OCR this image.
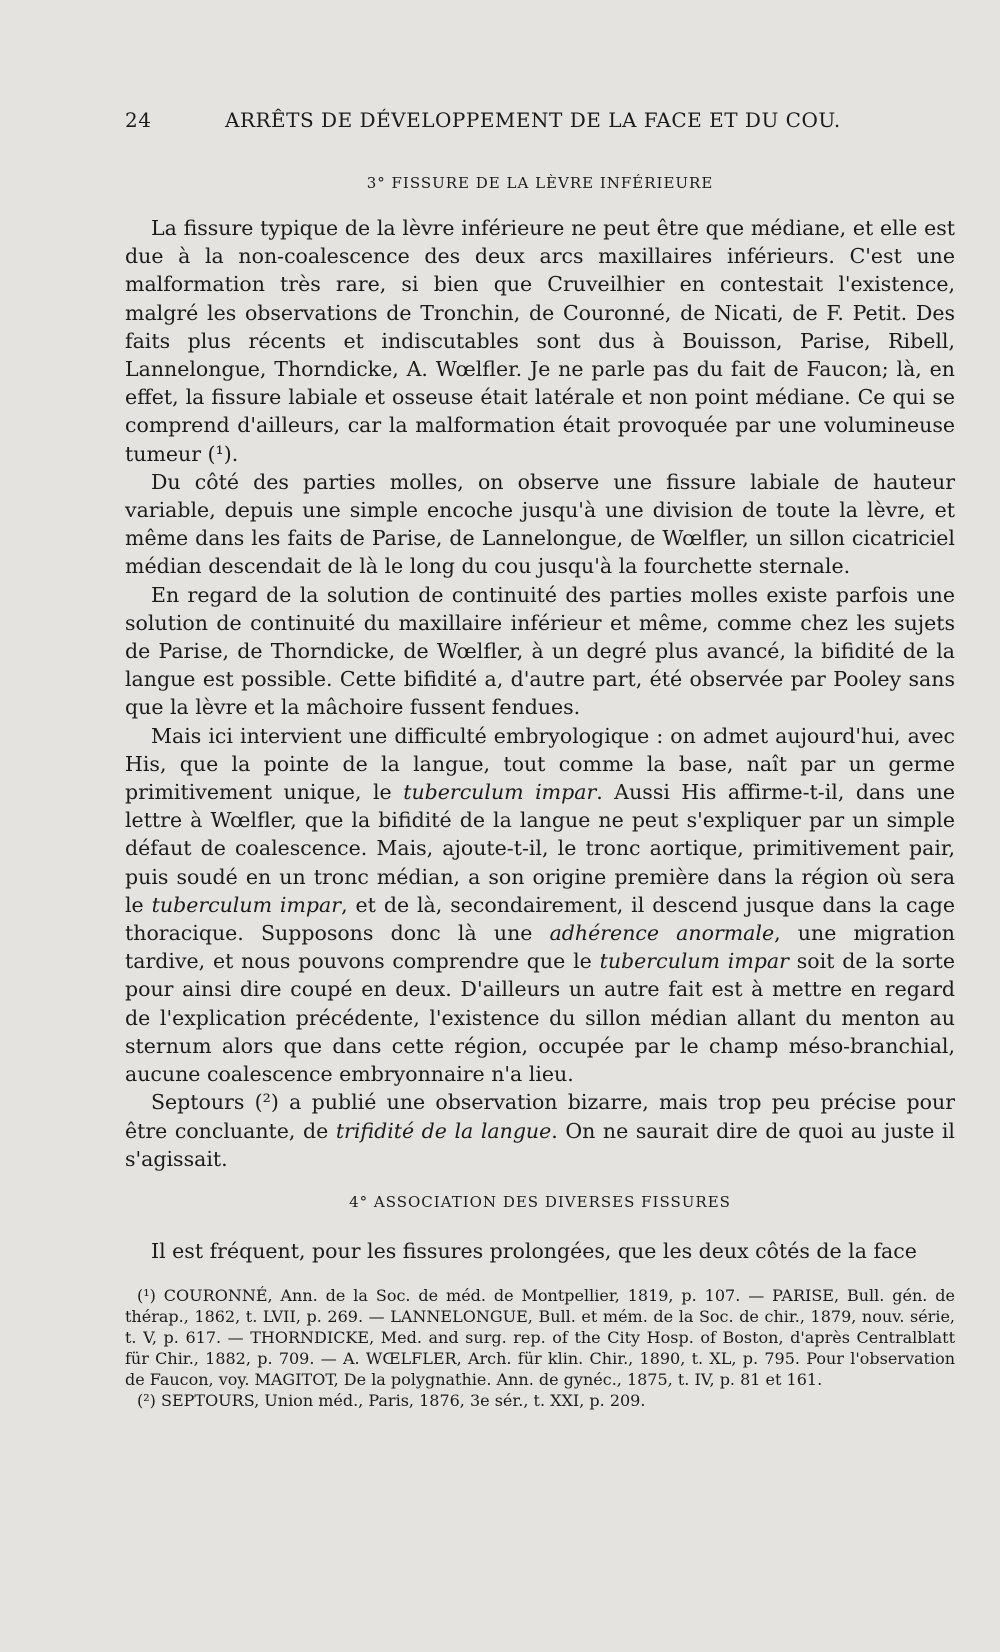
24	ARRÊTS DE DÉVELOPPEMENT DE LA FACE ET DU COU.
3° FISSURE DE LA LÈVRE INFÉRIEURE

La fissure typique de la lèvre inférieure ne peut être que médiane, et elle est due à la non-coalescence des deux arcs maxillaires inférieurs. C'est une malformation très rare, si bien que Cruveilhier en contestait l'existence, malgré les observations de Tronchin, de Couronné, de Nicati, de F. Petit. Des faits plus récents et indiscutables sont dus à Bouisson, Parise, Ribell, Lannelongue, Thorndicke, A. Wœlfler. Je ne parle pas du fait de Faucon; là, en effet, la fissure labiale et osseuse était latérale et non point médiane. Ce qui se comprend d'ailleurs, car la malformation était provoquée par une volumineuse tumeur (¹).

Du côté des parties molles, on observe une fissure labiale de hauteur variable, depuis une simple encoche jusqu'à une division de toute la lèvre, et même dans les faits de Parise, de Lannelongue, de Wœlfler, un sillon cicatriciel médian descendait de là le long du cou jusqu'à la fourchette sternale.

En regard de la solution de continuité des parties molles existe parfois une solution de continuité du maxillaire inférieur et même, comme chez les sujets de Parise, de Thorndicke, de Wœlfler, à un degré plus avancé, la bifidité de la langue est possible. Cette bifidité a, d'autre part, été observée par Pooley sans que la lèvre et la mâchoire fussent fendues.

Mais ici intervient une difficulté embryologique : on admet aujourd'hui, avec His, que la pointe de la langue, tout comme la base, naît par un germe primitivement unique, le tuberculum impar. Aussi His affirme-t-il, dans une lettre à Wœlfler, que la bifidité de la langue ne peut s'expliquer par un simple défaut de coalescence. Mais, ajoute-t-il, le tronc aortique, primitivement pair, puis soudé en un tronc médian, a son origine première dans la région où sera le tuberculum impar, et de là, secondairement, il descend jusque dans la cage thoracique. Supposons donc là une adhérence anormale, une migration tardive, et nous pouvons comprendre que le tuberculum impar soit de la sorte pour ainsi dire coupé en deux. D'ailleurs un autre fait est à mettre en regard de l'explication précédente, l'existence du sillon médian allant du menton au sternum alors que dans cette région, occupée par le champ méso-branchial, aucune coalescence embryonnaire n'a lieu.

Septours (²) a publié une observation bizarre, mais trop peu précise pour être concluante, de trifidité de la langue. On ne saurait dire de quoi au juste il s'agissait.

4° ASSOCIATION DES DIVERSES FISSURES

Il est fréquent, pour les fissures prolongées, que les deux côtés de la face

(¹) COURONNÉ, Ann. de la Soc. de méd. de Montpellier, 1819, p. 107. — PARISE, Bull. gén. de thérap., 1862, t. LVII, p. 269. — LANNELONGUE, Bull. et mém. de la Soc. de chir., 1879, nouv. série, t. V, p. 617. — THORNDICKE, Med. and surg. rep. of the City Hosp. of Boston, d'après Centralblatt für Chir., 1882, p. 709. — A. WŒLFLER, Arch. für klin. Chir., 1890, t. XL, p. 795. Pour l'observation de Faucon, voy. MAGITOT, De la polygnathie. Ann. de gynéc., 1875, t. IV, p. 81 et 161.

(²) SEPTOURS, Union méd., Paris, 1876, 3e sér., t. XXI, p. 209.
